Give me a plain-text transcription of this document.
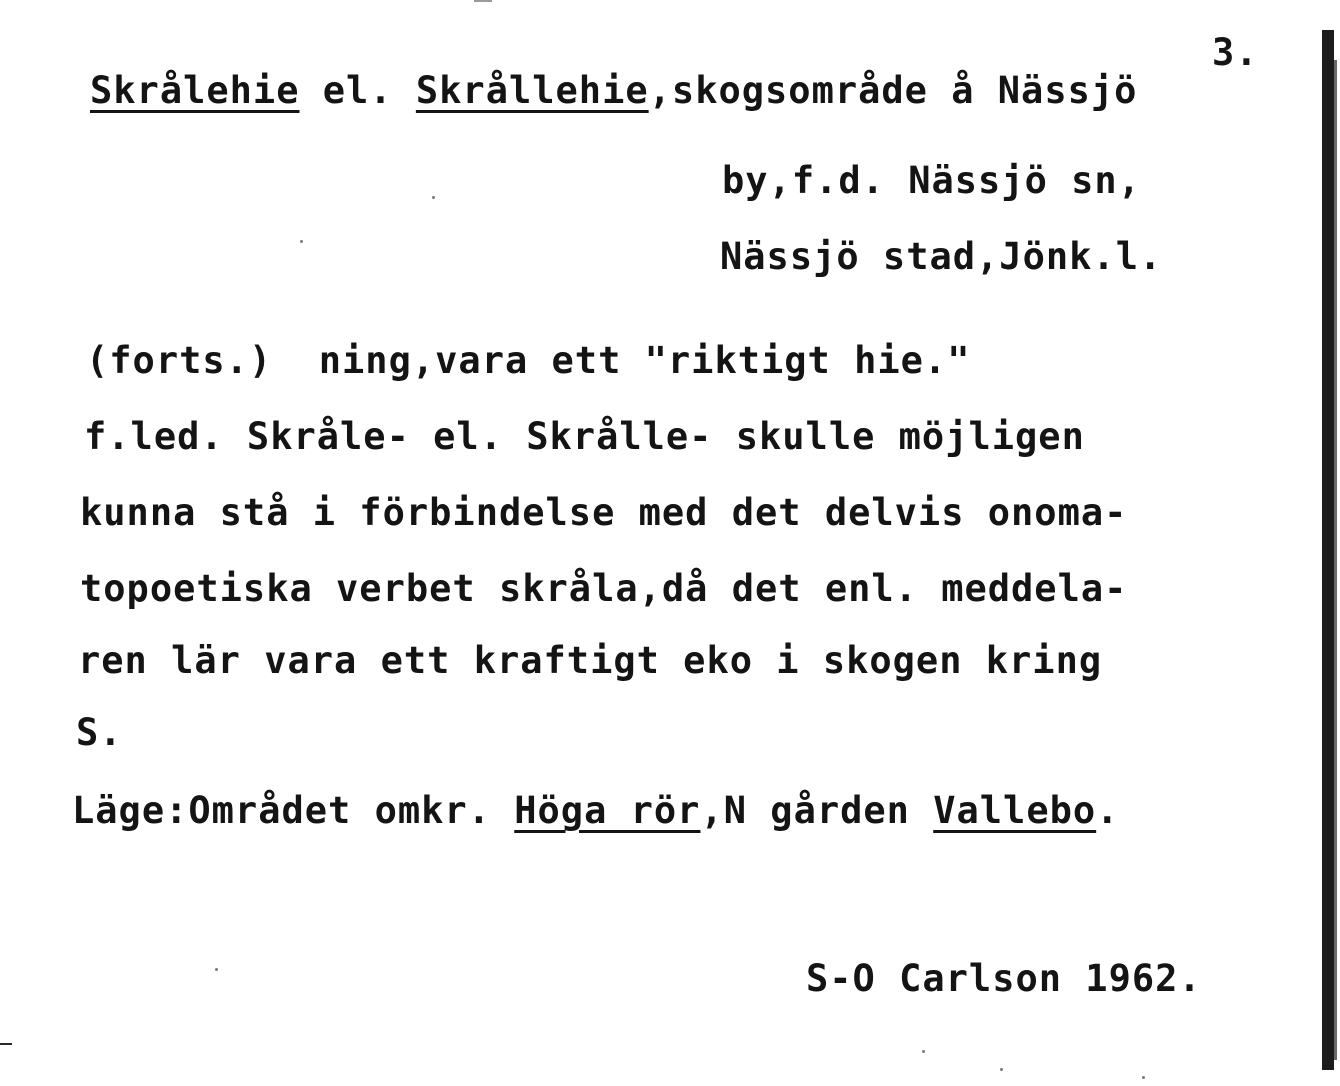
3.
Skrålehie el. Skrållehie,skogsområde å Nässjö
by,f.d. Nässjö sn,
Nässjö stad,Jönk.l.
(forts.)  ning,vara ett "riktigt hie."
f.led. Skråle- el. Skrålle- skulle möjligen
kunna stå i förbindelse med det delvis onoma-
topoetiska verbet skråla,då det enl. meddela-
ren lär vara ett kraftigt eko i skogen kring
S.
Läge:Området omkr. Höga rör,N gården Vallebo.
S-O Carlson 1962.
